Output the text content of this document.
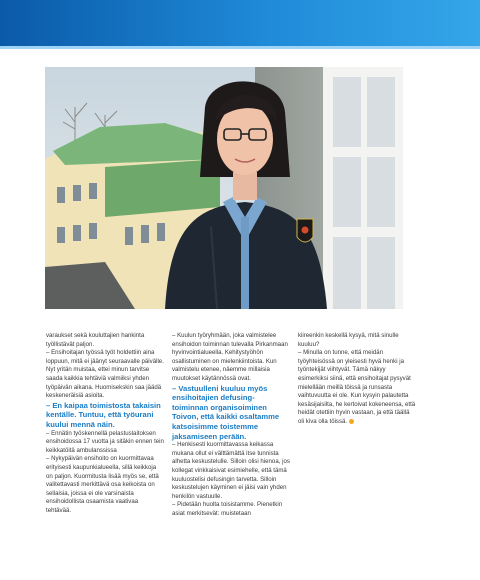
varaukset sekä kouluttajien hankinta työllistävät paljon.

– Ensihoitajan työssä työt holdettiin aina loppuun, mitä ei jäänyt seuraavalle päivälle. Nyt yritän muistaa, ettei minun tarvitse saada kaikkia tehtäviä valmiiksi yhden työpäivän aikana. Huomisekskin saa jäädä keskeneräisiä asioita.

– En kaipaa toimistosta takaisin kentälle. Tuntuu, että työurani kuului mennä näin.

– Ennätin työskennellä pelastuslaitoksen ensihoidossa 17 vuotta ja sitäkin ennen tein keikkatöitä ambulanssissa

– Nykypäivän ensihoito on kuormittavaa erityisesti kaupunkialueella, sillä keikkoja on paljon. Kuormitusta lisää myös se, että valitettavasti merkittävä osa keikoista on sellaisia, joissa ei ole varsinaista ensihoidollista osaamista vaativaa tehtävää.

– Kuulun työryhmään, joka valmistelee ensihoidon toiminnan tulevalla Pirkanmaan hyvinvointialueella. Kehitystyöhön osallistuminen on mielenkiintoista. Kun valmistelu etenee, näemme millaisia muutokset käytännössä ovat.

– Vastuulleni kuuluu myös ensihoitajien defusing-toiminnan organisoiminen Toivon, että kaikki osaltamme katsoisimme toistemme jaksamiseen perään.

– Henkisesti kuormittavassa keikassa mukana ollut ei välttämättä itse tunnista alhetta keskustelulle. Silloin olisi hienoa, jos kollegat vinkkaisivat esimiehelle, että tämä kuuluostelisi defusingin tarvetta. Silloin keskustelujen käyminen ei jäisi vain yhden henkilön vastuulle.

– Pidetään huolta toisistamme. Pienetkin asiat merkitsevät: muistetaan

kiireenkin keskellä kysyä, mitä sinulle kuuluu?

– Minulla on tunne, että meidän työyhteisössä on yleisesti hyvä henki ja työntekijät viihtyvät. Tämä näkyy esimerkiksi siinä, että ensihoitajat pysyvät mielellään meillä töissä ja runsasta vaihtuvuutta ei ole. Kun kysyin palautetta kesäsijaisilta, he kertoivat kokeneensa, että heidät otettiin hyvin vastaan, ja että täällä oli kiva olla töissä.
